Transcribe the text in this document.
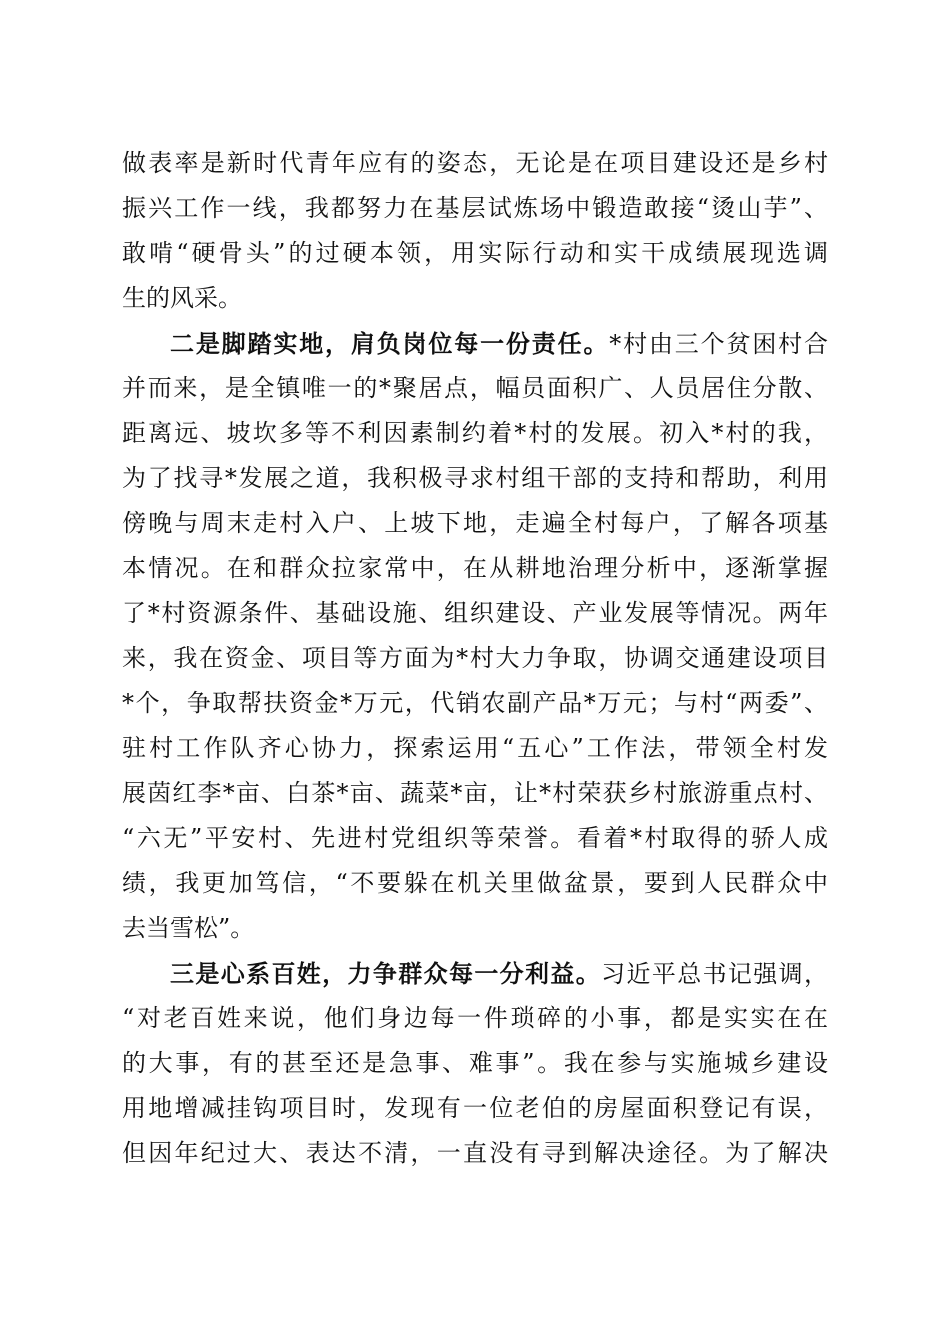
做表率是新时代青年应有的姿态，无论是在项目建设还是乡村
振兴工作一线，我都努力在基层试炼场中锻造敢接“烫山芋”、
敢啃“硬骨头”的过硬本领，用实际行动和实干成绩展现选调
生的风采。
二是脚踏实地，肩负岗位每一份责任。*村由三个贫困村合
并而来，是全镇唯一的*聚居点，幅员面积广、人员居住分散、
距离远、坡坎多等不利因素制约着*村的发展。初入*村的我，
为了找寻*发展之道，我积极寻求村组干部的支持和帮助，利用
傍晚与周末走村入户、上坡下地，走遍全村每户，了解各项基
本情况。在和群众拉家常中，在从耕地治理分析中，逐渐掌握
了*村资源条件、基础设施、组织建设、产业发展等情况。两年
来，我在资金、项目等方面为*村大力争取，协调交通建设项目
*个，争取帮扶资金*万元，代销农副产品*万元；与村“两委”、
驻村工作队齐心协力，探索运用“五心”工作法，带领全村发
展茵红李*亩、白茶*亩、蔬菜*亩，让*村荣获乡村旅游重点村、
“六无”平安村、先进村党组织等荣誉。看着*村取得的骄人成
绩，我更加笃信，“不要躲在机关里做盆景，要到人民群众中
去当雪松”。
三是心系百姓，力争群众每一分利益。习近平总书记强调，
“对老百姓来说，他们身边每一件琐碎的小事，都是实实在在
的大事，有的甚至还是急事、难事”。我在参与实施城乡建设
用地增减挂钩项目时，发现有一位老伯的房屋面积登记有误，
但因年纪过大、表达不清，一直没有寻到解决途径。为了解决
